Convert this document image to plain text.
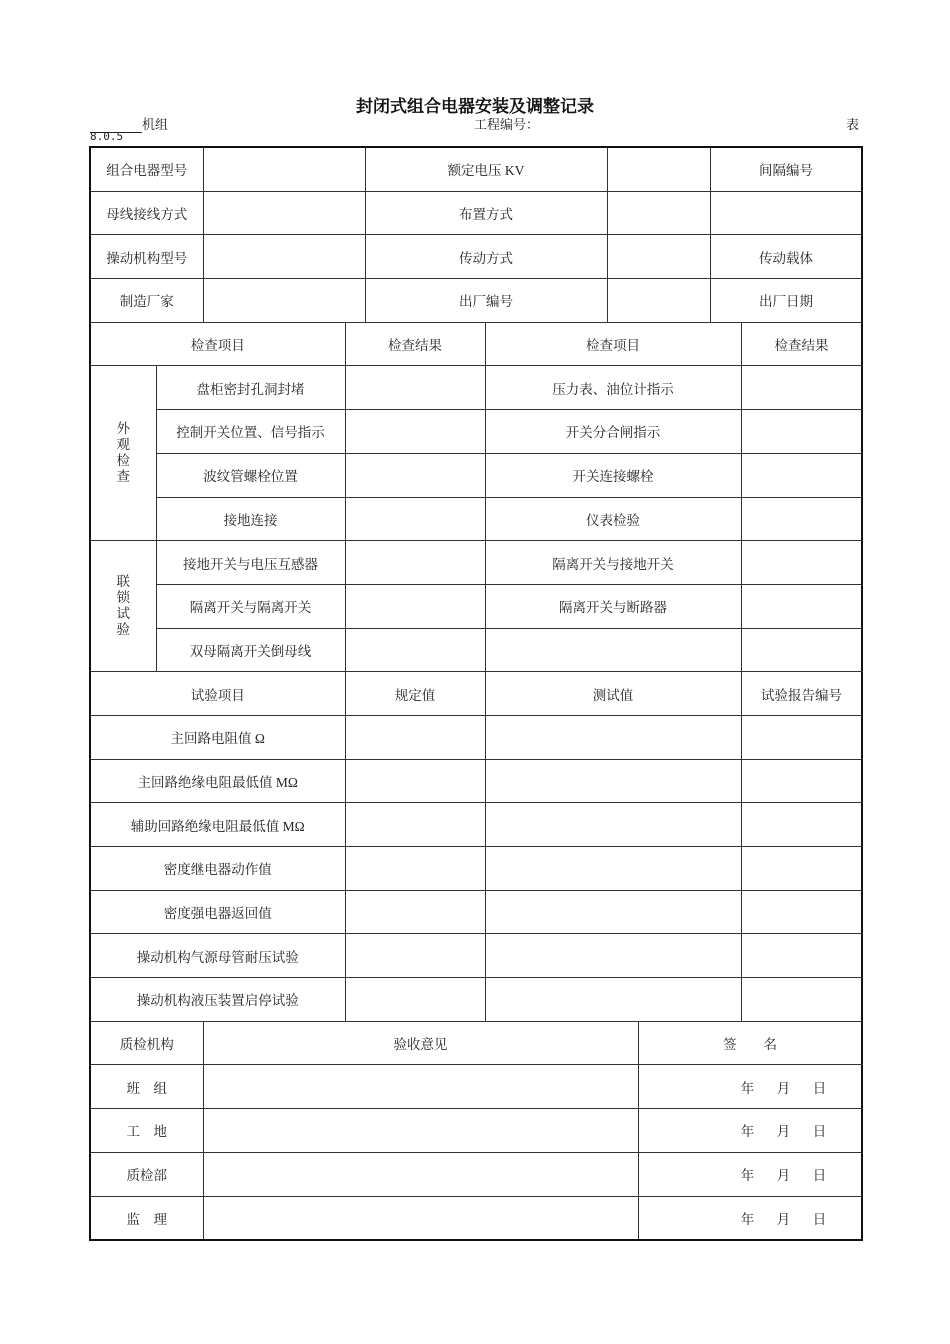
封闭式组合电器安装及调整记录
机组	工程编号：	表
8.0.5
组合电器型号				额定电压 KV				间隔编号		
母线接线方式				布置方式						
操动机构型号				传动方式				传动载体		
制造厂家				出厂编号				出厂日期		
检查项目			检查结果		检查项目				检查结果	
外观检查	盘柜密封孔洞封堵				压力表、油位计指示					
	控制开关位置、信号指示				开关分合闸指示					
	波纹管螺栓位置				开关连接螺栓					
	接地连接				仪表检验					
联锁试验	接地开关与电压互感器				隔离开关与接地开关					
	隔离开关与隔离开关				隔离开关与断路器					
	双母隔离开关倒母线									
试验项目			规定值		测试值				试验报告编号	
主回路电阻值 Ω										
主回路绝缘电阻最低值 MΩ										
辅助回路绝缘电阻最低值 MΩ										
密度继电器动作值										
密度强电器返回值										
操动机构气源母管耐压试验										
操动机构液压装置启停试验										
质检机构		验收意见					签　　名			
班　组							年 月 日			
工　地							年 月 日			
质检部							年 月 日			
监　理							年 月 日			
